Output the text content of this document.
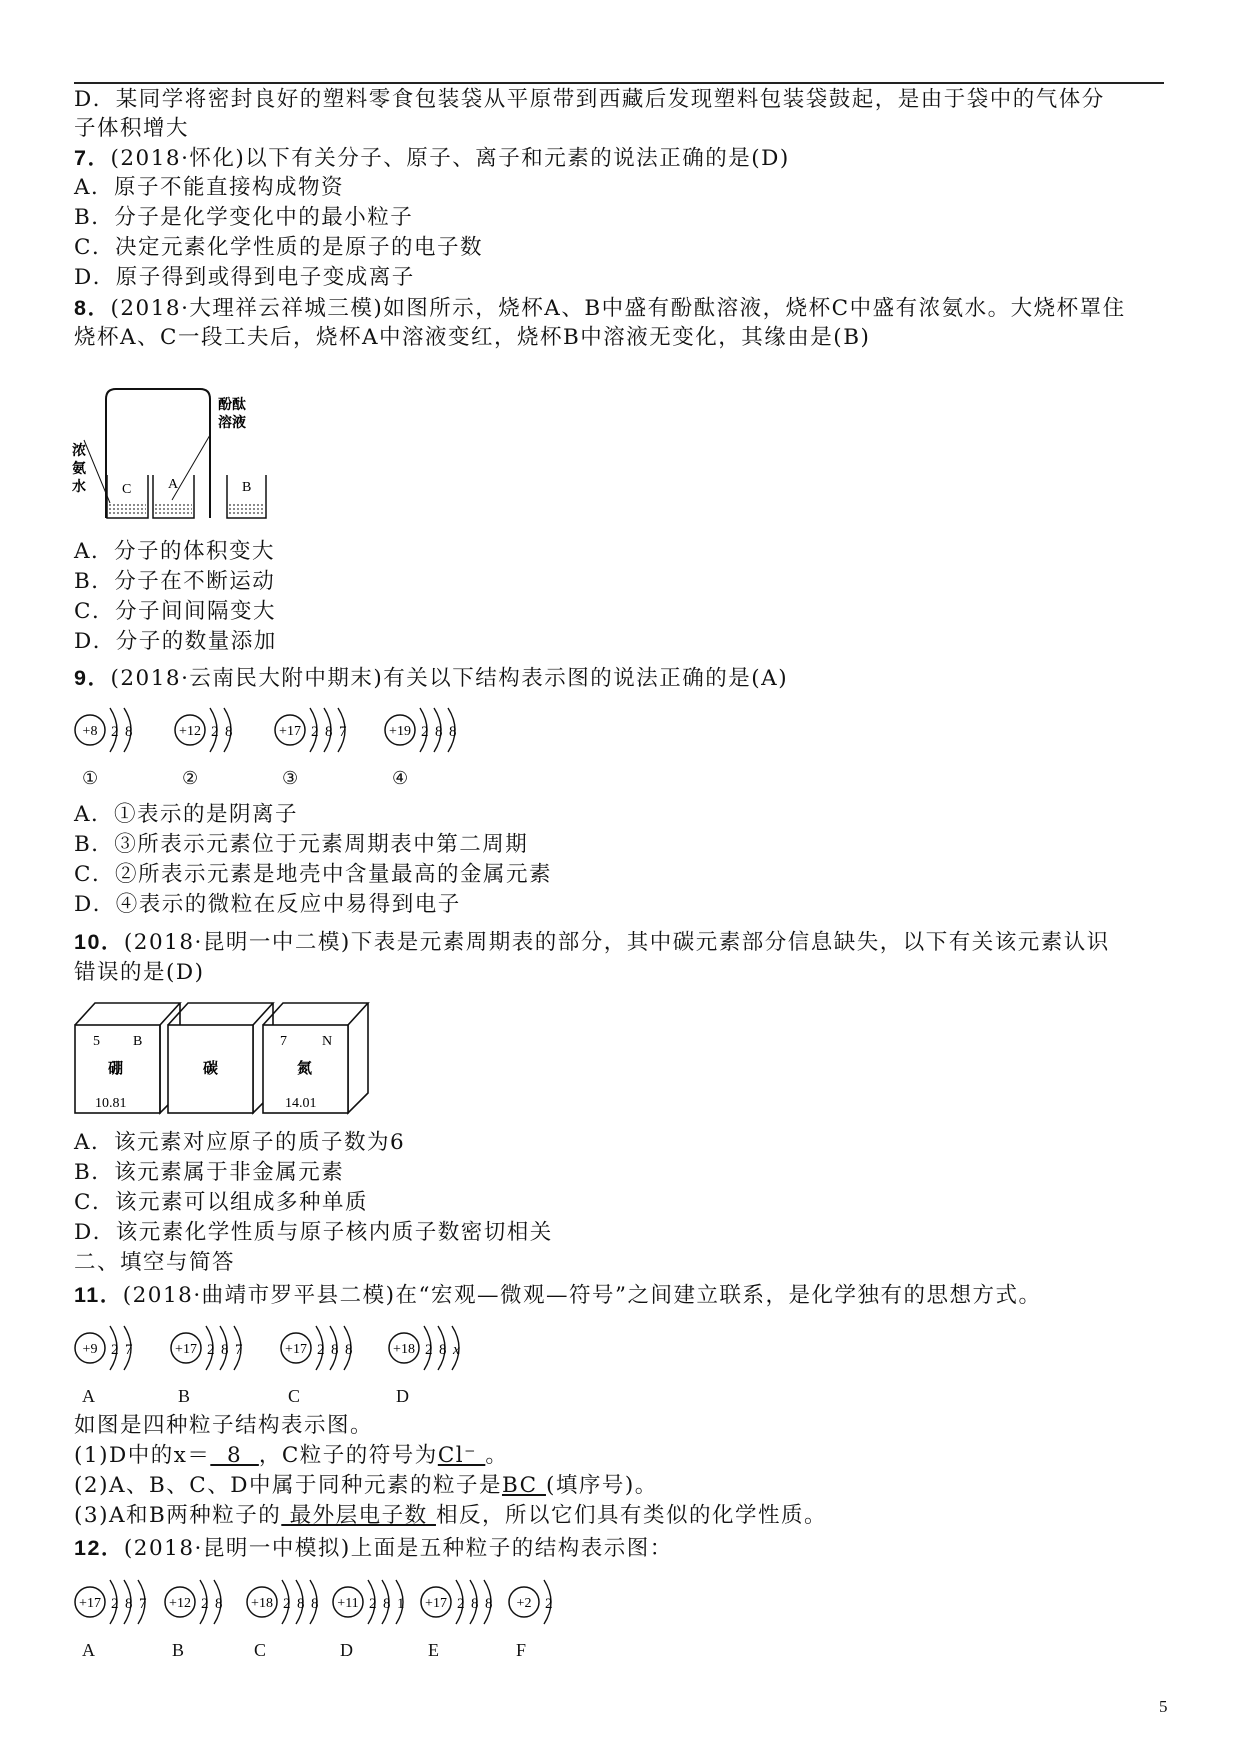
D．某同学将密封良好的塑料零食包装袋从平原带到西藏后发现塑料包装袋鼓起，是由于袋中的气体分
子体积增大
7．(2018·怀化)以下有关分子、原子、离子和元素的说法正确的是(D)
A．原子不能直接构成物资
B．分子是化学变化中的最小粒子
C．决定元素化学性质的是原子的电子数
D．原子得到或得到电子变成离子
8．(2018·大理祥云祥城三模)如图所示，烧杯A、B中盛有酚酞溶液，烧杯C中盛有浓氨水。大烧杯罩住
烧杯A、C一段工夫后，烧杯A中溶液变红，烧杯B中溶液无变化，其缘由是(B)
C	A	B
酚酞
溶液
浓
氨
水
A．分子的体积变大
B．分子在不断运动
C．分子间间隔变大
D．分子的数量添加
9．(2018·云南民大附中期末)有关以下结构表示图的说法正确的是(A)
+8 2 8
①
+12 2 8
②
+17 2 8 7
③
+19 2 8 8
④
A．①表示的是阴离子
B．③所表示元素位于元素周期表中第二周期
C．②所表示元素是地壳中含量最高的金属元素
D．④表示的微粒在反应中易得到电子
10．(2018·昆明一中二模)下表是元素周期表的部分，其中碳元素部分信息缺失，以下有关该元素认识
错误的是(D)
5 B
硼
10.81
碳
7	N
氮
14.01
A．该元素对应原子的质子数为6
B．该元素属于非金属元素
C．该元素可以组成多种单质
D．该元素化学性质与原子核内质子数密切相关
二、填空与简答
11．(2018·曲靖市罗平县二模)在“宏观—微观—符号”之间建立联系，是化学独有的思想方式。
+9 2 7
A
+17 2 8 7
B
+17 2 8 8
C
+18 2 8 x
D
如图是四种粒子结构表示图。
(1)D中的x＝  8  ，C粒子的符号为Cl⁻ 。
(2)A、B、C、D中属于同种元素的粒子是BC (填序号)。
(3)A和B两种粒子的 最外层电子数 相反，所以它们具有类似的化学性质。
12．(2018·昆明一中模拟)上面是五种粒子的结构表示图：
+17 2 8 7
A
+12 2 8
B
+18 2 8 8
C
+11 2 8 1
D
+17 2 8 8
E
+2 2
F
5
